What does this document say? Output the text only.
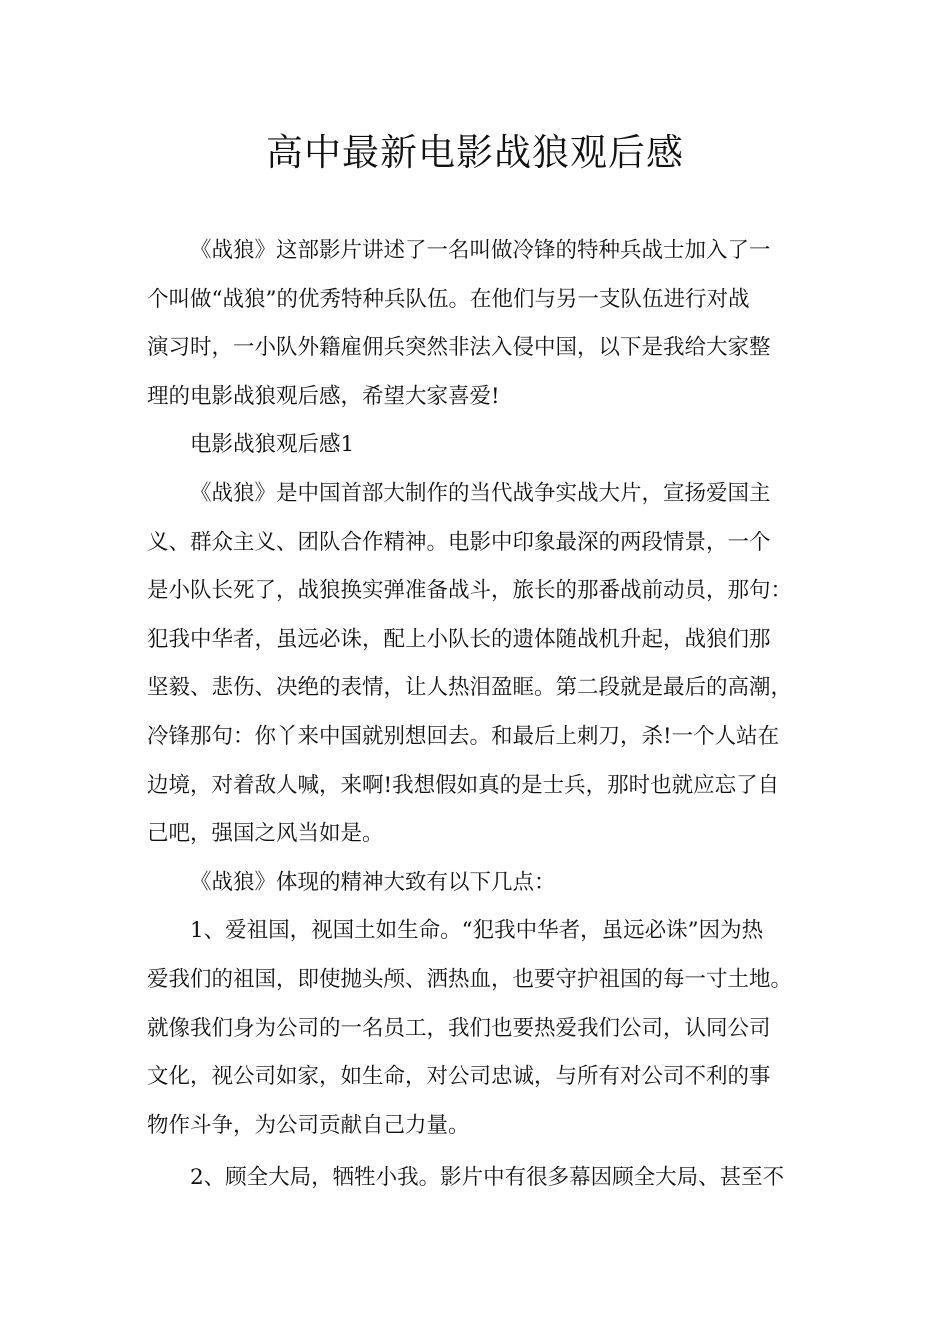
高中最新电影战狼观后感
《战狼》这部影片讲述了一名叫做冷锋的特种兵战士加入了一
个叫做“战狼”的优秀特种兵队伍。在他们与另一支队伍进行对战
演习时，一小队外籍雇佣兵突然非法入侵中国，以下是我给大家整
理的电影战狼观后感，希望大家喜爱!
电影战狼观后感1
《战狼》是中国首部大制作的当代战争实战大片，宣扬爱国主
义、群众主义、团队合作精神。电影中印象最深的两段情景，一个
是小队长死了，战狼换实弹准备战斗，旅长的那番战前动员，那句：
犯我中华者，虽远必诛，配上小队长的遗体随战机升起，战狼们那
坚毅、悲伤、决绝的表情，让人热泪盈眶。第二段就是最后的高潮，
冷锋那句：你丫来中国就别想回去。和最后上刺刀，杀!一个人站在
边境，对着敌人喊，来啊!我想假如真的是士兵，那时也就应忘了自
己吧，强国之风当如是。
《战狼》体现的精神大致有以下几点：
1、爱祖国，视国土如生命。“犯我中华者，虽远必诛”因为热
爱我们的祖国，即使抛头颅、洒热血，也要守护祖国的每一寸土地。
就像我们身为公司的一名员工，我们也要热爱我们公司，认同公司
文化，视公司如家，如生命，对公司忠诚，与所有对公司不利的事
物作斗争，为公司贡献自己力量。
2、顾全大局，牺牲小我。影片中有很多幕因顾全大局、甚至不
